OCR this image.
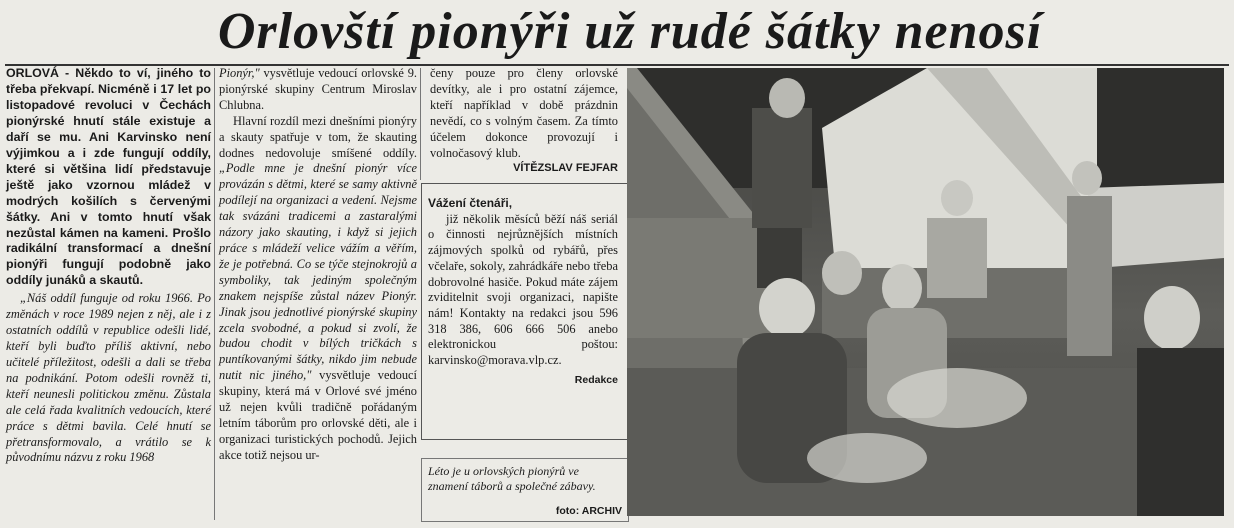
Orlovští pionýři už rudé šátky nenosí

ORLOVÁ - Někdo to ví, jiného to třeba překvapí. Nicméně i 17 let po listopadové revoluci v Čechách pionýrské hnutí stále existuje a daří se mu. Ani Karvinsko není výjimkou a i zde fungují oddíly, které si většina lidí představuje ještě jako vzornou mládež v modrých košilích s červenými šátky. Ani v tomto hnutí však nezůstal kámen na kameni. Prošlo radikální transformací a dnešní pionýři fungují podobně jako oddíly junáků a skautů.

„Náš oddíl funguje od roku 1966. Po změnách v roce 1989 nejen z něj, ale i z ostatních oddílů v republice odešli lidé, kteří byli buďto příliš aktivní, nebo učitelé příležitost, odešli a dali se třeba na podnikání. Potom odešli rovněž ti, kteří neunesli politickou změnu. Zůstala ale celá řada kvalitních vedoucích, které práce s dětmi bavila. Celé hnutí se přetransformovalo, a vrátilo se k původnímu názvu z roku 1968

Pionýr," vysvětluje vedoucí orlovské 9. pionýrské skupiny Centrum Miroslav Chlubna.

Hlavní rozdíl mezi dnešními pionýry a skauty spatřuje v tom, že skauting dodnes nedovoluje smíšené oddíly. „Podle mne je dnešní pionýr více provázán s dětmi, které se samy aktivně podílejí na organizaci a vedení. Nejsme tak svázáni tradicemi a zastaralými názory jako skauting, i když si jejich práce s mládeží velice vážím a věřím, že je potřebná. Co se týče stejnokrojů a symboliky, tak jediným společným znakem nejspíše zůstal název Pionýr. Jinak jsou jednotlivé pionýrské skupiny zcela svobodné, a pokud si zvolí, že budou chodit v bílých tričkách s puntíkovanými šátky, nikdo jim nebude nutit nic jiného," vysvětluje vedoucí skupiny, která má v Orlové své jméno už nejen kvůli tradičně pořádaným letním táborům pro orlovské děti, ale i organizaci turistických pochodů. Jejich akce totiž nejsou ur-

čeny pouze pro členy orlovské devítky, ale i pro ostatní zájemce, kteří například v době prázdnin nevědí, co s volným časem. Za tímto účelem dokonce provozují i volnočasový klub.

VÍTĚZSLAV FEJFAR
Vážení čtenáři,

již několik měsíců běží náš seriál o činnosti nejrůznějších místních zájmových spolků od rybářů, přes včelaře, sokoly, zahrádkáře nebo třeba dobrovolné hasiče. Pokud máte zájem zviditelnit svoji organizaci, napište nám! Kontakty na redakci jsou 596 318 386, 606 666 506 anebo elektronickou poštou: karvinsko@morava.vlp.cz.

Redakce
Léto je u orlovských pionýrů ve znamení táborů a společné zábavy.
foto: ARCHIV
